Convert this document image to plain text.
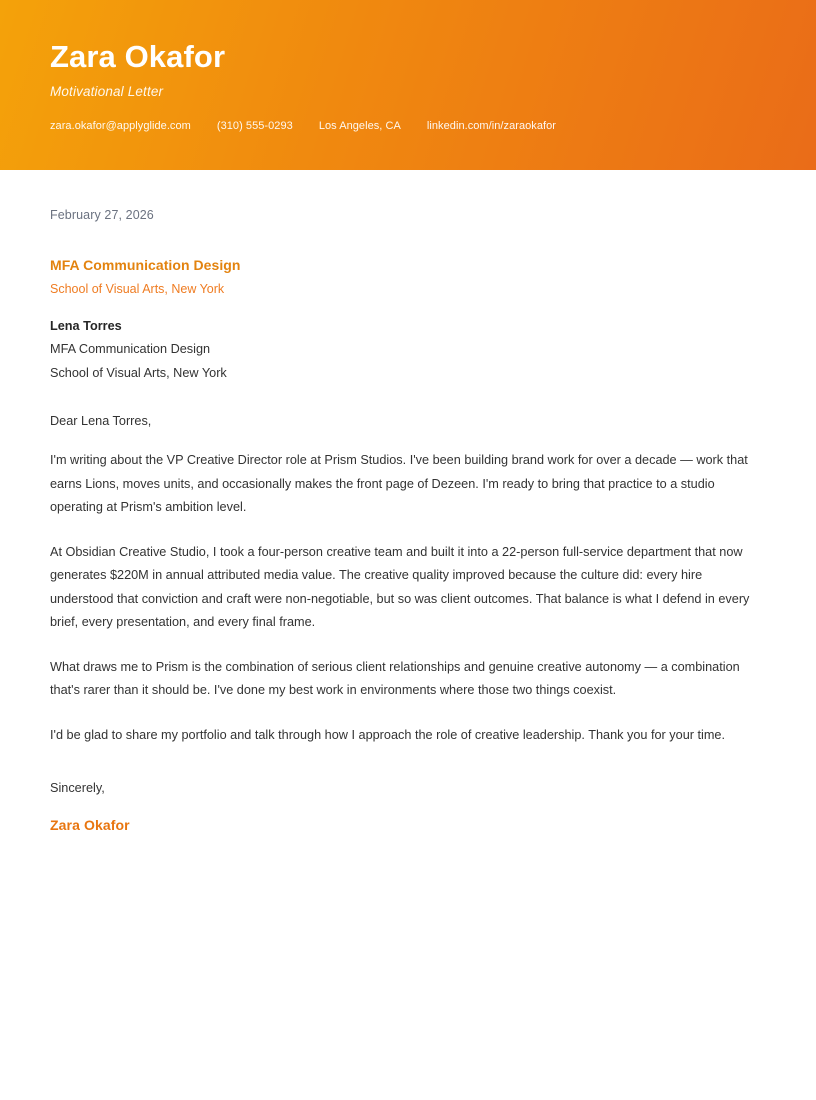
Zara Okafor
Motivational Letter
zara.okafor@applyglide.com (310) 555-0293 Los Angeles, CA linkedin.com/in/zaraokafor
February 27, 2026
MFA Communication Design
School of Visual Arts, New York
Lena Torres
MFA Communication Design
School of Visual Arts, New York
Dear Lena Torres,

I'm writing about the VP Creative Director role at Prism Studios. I've been building brand work for over a decade — work that earns Lions, moves units, and occasionally makes the front page of Dezeen. I'm ready to bring that practice to a studio operating at Prism's ambition level.

At Obsidian Creative Studio, I took a four-person creative team and built it into a 22-person full-service department that now generates $220M in annual attributed media value. The creative quality improved because the culture did: every hire understood that conviction and craft were non-negotiable, but so was client outcomes. That balance is what I defend in every brief, every presentation, and every final frame.

What draws me to Prism is the combination of serious client relationships and genuine creative autonomy — a combination that's rarer than it should be. I've done my best work in environments where those two things coexist.

I'd be glad to share my portfolio and talk through how I approach the role of creative leadership. Thank you for your time.

Sincerely,
Zara Okafor
